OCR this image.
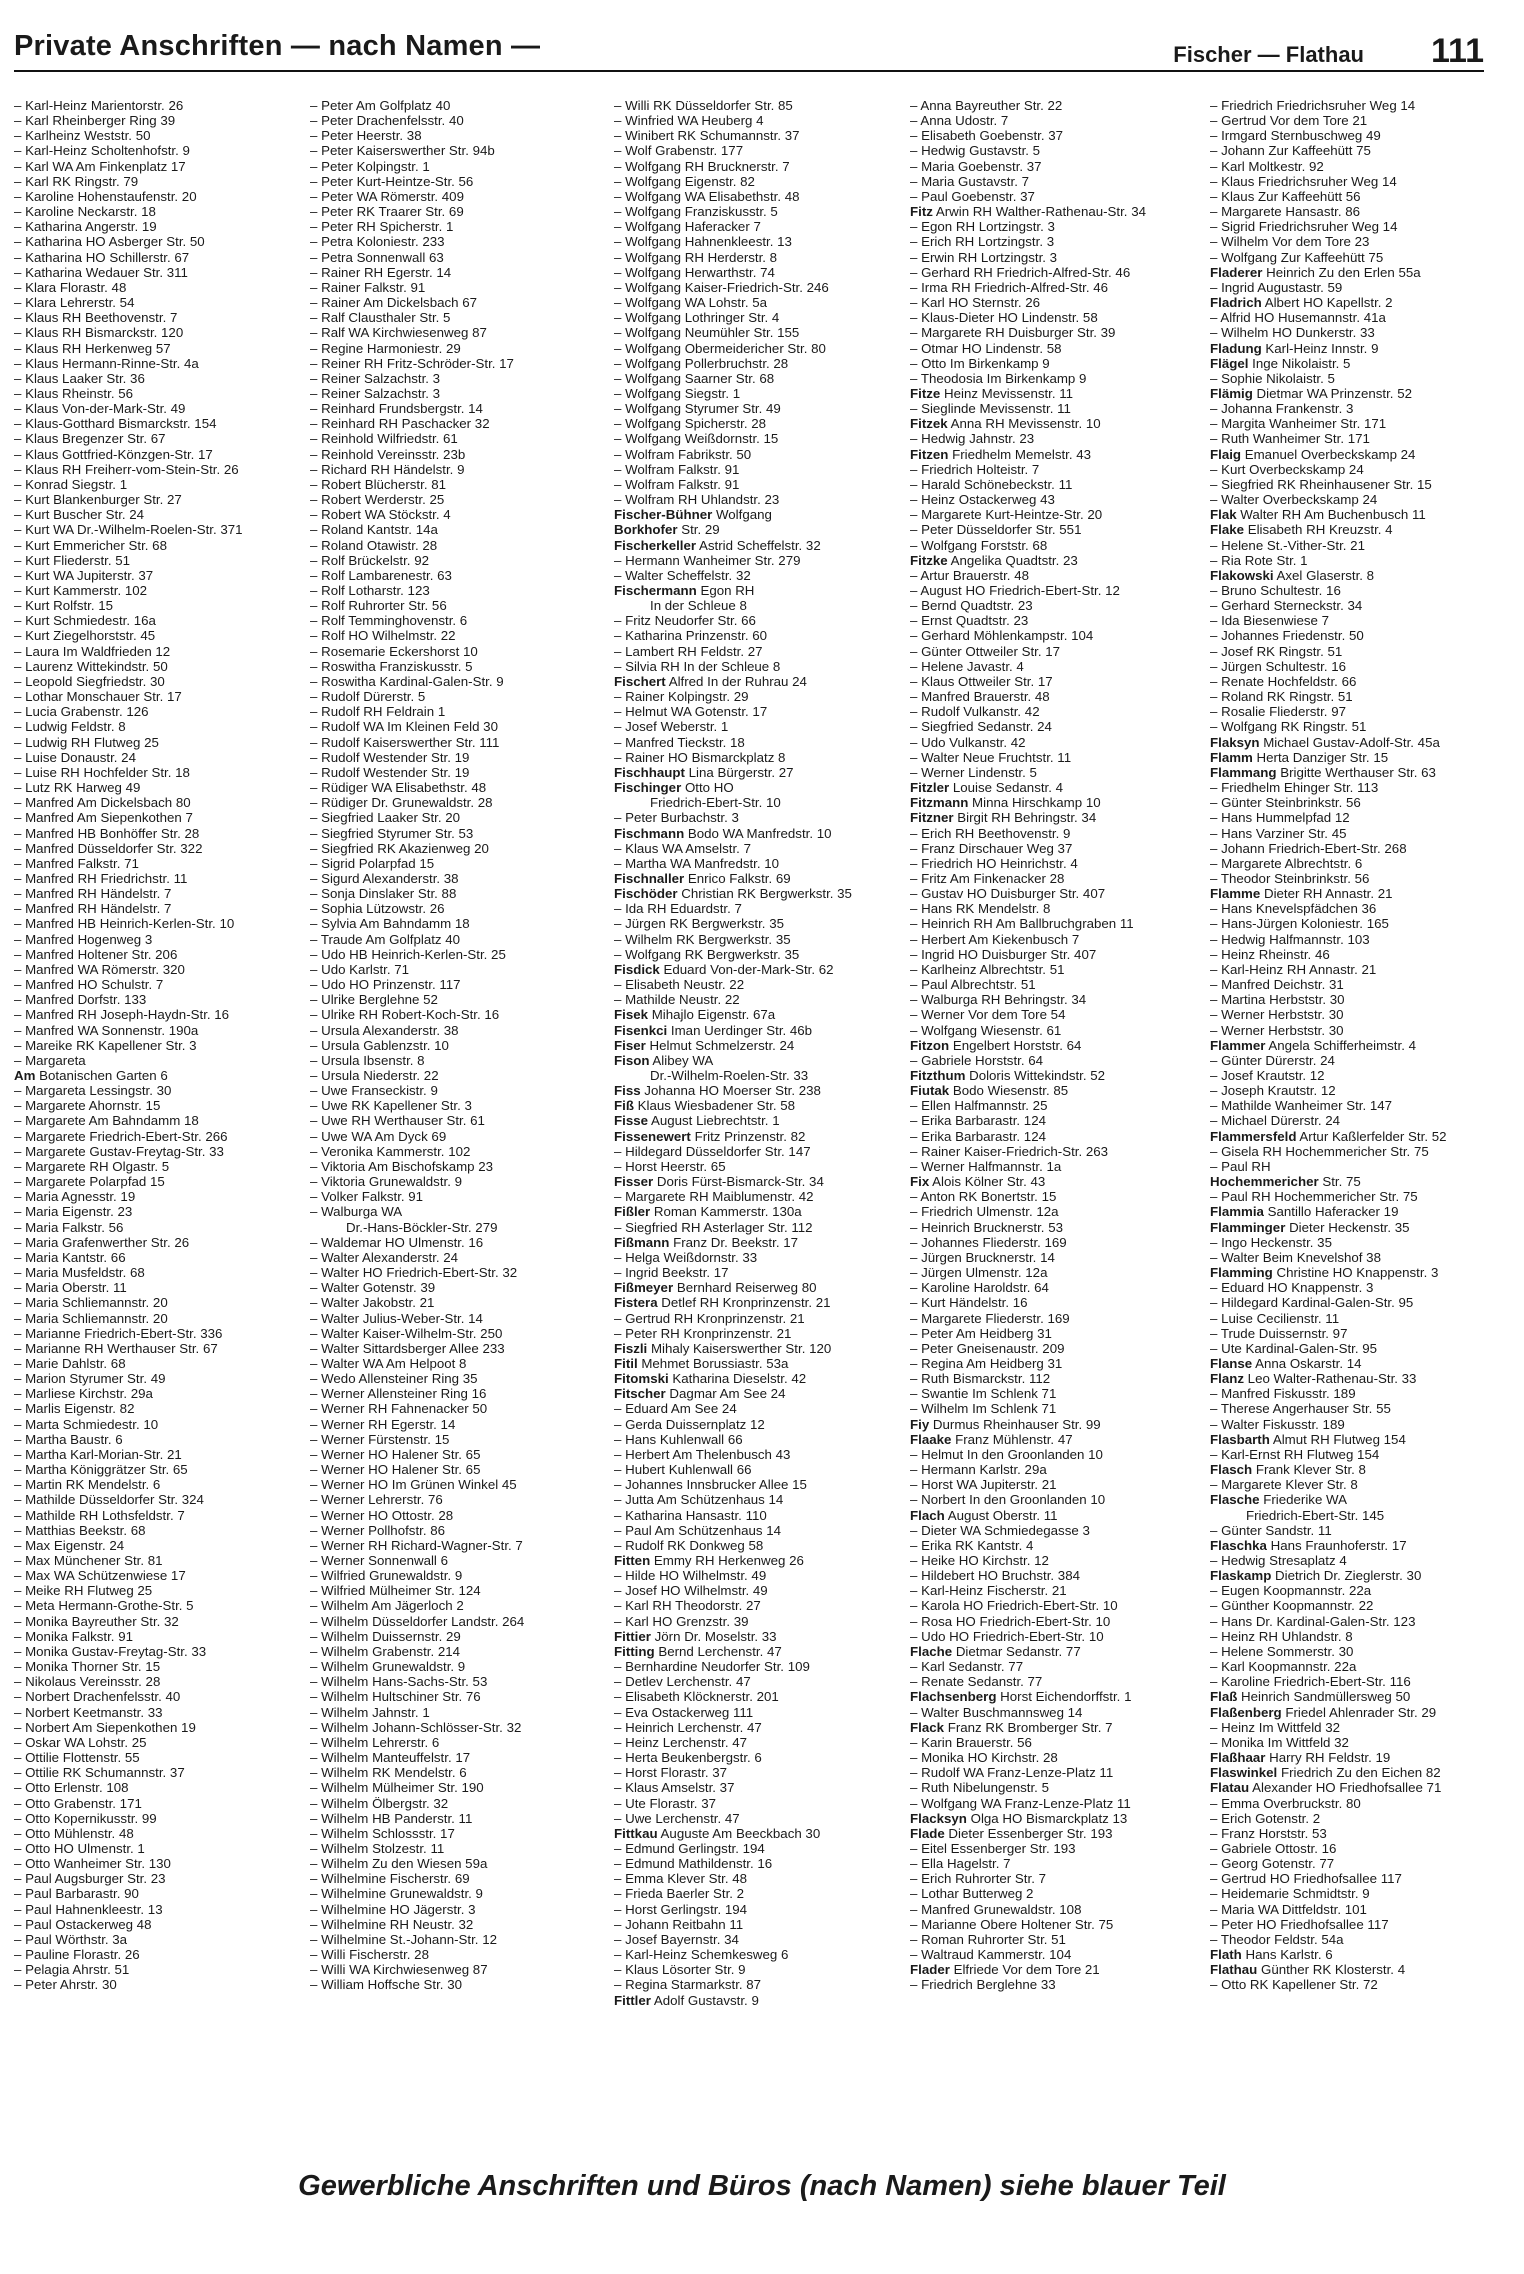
Private Anschriften — nach Namen —	Fischer — Flathau 111
– Karl-Heinz Marientorstr. 26
– Karl Rheinberger Ring 39
– Karlheinz Weststr. 50
– Karl-Heinz Scholtenhofstr. 9
– Karl WA Am Finkenplatz 17
– Karl RK Ringstr. 79
– Karoline Hohenstaufenstr. 20
– Karoline Neckarstr. 18
– Katharina Angerstr. 19
– Katharina HO Asberger Str. 50
– Katharina HO Schillerstr. 67
– Katharina Wedauer Str. 311
– Klara Florastr. 48
– Klara Lehrerstr. 54
– Klaus RH Beethovenstr. 7
– Klaus RH Bismarckstr. 120
– Klaus RH Herkenweg 57
– Klaus Hermann-Rinne-Str. 4a
– Klaus Laaker Str. 36
– Klaus Rheinstr. 56
– Klaus Von-der-Mark-Str. 49
– Klaus-Gotthard Bismarckstr. 154
– Klaus Bregenzer Str. 67
– Klaus Gottfried-Könzgen-Str. 17
– Klaus RH Freiherr-vom-Stein-Str. 26
– Konrad Siegstr. 1
– Kurt Blankenburger Str. 27
– Kurt Buscher Str. 24
– Kurt WA Dr.-Wilhelm-Roelen-Str. 371
– Kurt Emmericher Str. 68
– Kurt Fliederstr. 51
– Kurt WA Jupiterstr. 37
– Kurt Kammerstr. 102
– Kurt Rolfstr. 15
– Kurt Schmiedestr. 16a
– Kurt Ziegelhorststr. 45
– Laura Im Waldfrieden 12
– Laurenz Wittekindstr. 50
– Leopold Siegfriedstr. 30
– Lothar Monschauer Str. 17
– Lucia Grabenstr. 126
– Ludwig Feldstr. 8
– Ludwig RH Flutweg 25
– Luise Donaustr. 24
– Luise RH Hochfelder Str. 18
– Lutz RK Harweg 49
– Manfred Am Dickelsbach 80
– Manfred Am Siepenkothen 7
– Manfred HB Bonhöffer Str. 28
– Manfred Düsseldorfer Str. 322
– Manfred Falkstr. 71
– Manfred RH Friedrichstr. 11
– Manfred RH Händelstr. 7
– Manfred RH Händelstr. 7
– Manfred HB Heinrich-Kerlen-Str. 10
– Manfred Hogenweg 3
– Manfred Holtener Str. 206
– Manfred WA Römerstr. 320
– Manfred HO Schulstr. 7
– Manfred Dorfstr. 133
– Manfred RH Joseph-Haydn-Str. 16
– Manfred WA Sonnenstr. 190a
– Mareike RK Kapellener Str. 3
– Margareta
Am Botanischen Garten 6
– Margareta Lessingstr. 30
– Margarete Ahornstr. 15
– Margarete Am Bahndamm 18
– Margarete Friedrich-Ebert-Str. 266
– Margarete Gustav-Freytag-Str. 33
– Margarete RH Olgastr. 5
– Margarete Polarpfad 15
– Maria Agnesstr. 19
– Maria Eigenstr. 23
– Maria Falkstr. 56
– Maria Grafenwerther Str. 26
– Maria Kantstr. 66
– Maria Musfeldstr. 68
– Maria Oberstr. 11
– Maria Schliemannstr. 20
– Maria Schliemannstr. 20
– Marianne Friedrich-Ebert-Str. 336
– Marianne RH Werthauser Str. 67
– Marie Dahlstr. 68
– Marion Styrumer Str. 49
– Marliese Kirchstr. 29a
– Marlis Eigenstr. 82
– Marta Schmiedestr. 10
– Martha Baustr. 6
– Martha Karl-Morian-Str. 21
– Martha Königgrätzer Str. 65
– Martin RK Mendelstr. 6
– Mathilde Düsseldorfer Str. 324
– Mathilde RH Lothsfeldstr. 7
– Matthias Beekstr. 68
– Max Eigenstr. 24
– Max Münchener Str. 81
– Max WA Schützenwiese 17
– Meike RH Flutweg 25
– Meta Hermann-Grothe-Str. 5
– Monika Bayreuther Str. 32
– Monika Falkstr. 91
– Monika Gustav-Freytag-Str. 33
– Monika Thorner Str. 15
– Nikolaus Vereinsstr. 28
– Norbert Drachenfelsstr. 40
– Norbert Keetmanstr. 33
– Norbert Am Siepenkothen 19
– Oskar WA Lohstr. 25
– Ottilie Flottenstr. 55
– Ottilie RK Schumannstr. 37
– Otto Erlenstr. 108
– Otto Grabenstr. 171
– Otto Kopernikusstr. 99
– Otto Mühlenstr. 48
– Otto HO Ulmenstr. 1
– Otto Wanheimer Str. 130
– Paul Augsburger Str. 23
– Paul Barbarastr. 90
– Paul Hahnenkleestr. 13
– Paul Ostackerweg 48
– Paul Wörthstr. 3a
– Pauline Florastr. 26
– Pelagia Ahrstr. 51
– Peter Ahrstr. 30
– Peter Am Golfplatz 40
– Peter Drachenfelsstr. 40
– Peter Heerstr. 38
– Peter Kaiserswerther Str. 94b
– Peter Kolpingstr. 1
– Peter Kurt-Heintze-Str. 56
– Peter WA Römerstr. 409
– Peter RK Traarer Str. 69
– Peter RH Spicherstr. 1
– Petra Koloniestr. 233
– Petra Sonnenwall 63
– Rainer RH Egerstr. 14
– Rainer Falkstr. 91
– Rainer Am Dickelsbach 67
– Ralf Clausthaler Str. 5
– Ralf WA Kirchwiesenweg 87
– Regine Harmoniestr. 29
– Reiner RH Fritz-Schröder-Str. 17
– Reiner Salzachstr. 3
– Reiner Salzachstr. 3
– Reinhard Frundsbergstr. 14
– Reinhard RH Paschacker 32
– Reinhold Wilfriedstr. 61
– Reinhold Vereinsstr. 23b
– Richard RH Händelstr. 9
– Robert Blücherstr. 81
– Robert Werderstr. 25
– Robert WA Stöckstr. 4
– Roland Kantstr. 14a
– Roland Otawistr. 28
– Rolf Brückelstr. 92
– Rolf Lambarenestr. 63
– Rolf Lotharstr. 123
– Rolf Ruhrorter Str. 56
– Rolf Temminghovenstr. 6
– Rolf HO Wilhelmstr. 22
– Rosemarie Eckershorst 10
– Roswitha Franziskusstr. 5
– Roswitha Kardinal-Galen-Str. 9
– Rudolf Dürerstr. 5
– Rudolf RH Feldrain 1
– Rudolf WA Im Kleinen Feld 30
– Rudolf Kaiserswerther Str. 111
– Rudolf Westender Str. 19
– Rudolf Westender Str. 19
– Rüdiger WA Elisabethstr. 48
– Rüdiger Dr. Grunewaldstr. 28
– Siegfried Laaker Str. 20
– Siegfried Styrumer Str. 53
– Siegfried RK Akazienweg 20
– Sigrid Polarpfad 15
– Sigurd Alexanderstr. 38
– Sonja Dinslaker Str. 88
– Sophia Lützowstr. 26
– Sylvia Am Bahndamm 18
– Traude Am Golfplatz 40
– Udo HB Heinrich-Kerlen-Str. 25
– Udo Karlstr. 71
– Udo HO Prinzenstr. 117
– Ulrike Berglehne 52
– Ulrike RH Robert-Koch-Str. 16
– Ursula Alexanderstr. 38
– Ursula Gablenzstr. 10
– Ursula Ibsenstr. 8
– Ursula Niederstr. 22
– Uwe Franseckistr. 9
– Uwe RK Kapellener Str. 3
– Uwe RH Werthauser Str. 61
– Uwe WA Am Dyck 69
– Veronika Kammerstr. 102
– Viktoria Am Bischofskamp 23
– Viktoria Grunewaldstr. 9
– Volker Falkstr. 91
– Walburga WA
Dr.-Hans-Böckler-Str. 279
– Waldemar HO Ulmenstr. 16
– Walter Alexanderstr. 24
– Walter HO Friedrich-Ebert-Str. 32
– Walter Gotenstr. 39
– Walter Jakobstr. 21
– Walter Julius-Weber-Str. 14
– Walter Kaiser-Wilhelm-Str. 250
– Walter Sittardsberger Allee 233
– Walter WA Am Helpoot 8
– Wedo Allensteiner Ring 35
– Werner Allensteiner Ring 16
– Werner RH Fahnenacker 50
– Werner RH Egerstr. 14
– Werner Fürstenstr. 15
– Werner HO Halener Str. 65
– Werner HO Halener Str. 65
– Werner HO Im Grünen Winkel 45
– Werner Lehrerstr. 76
– Werner HO Ottostr. 28
– Werner Pollhofstr. 86
– Werner RH Richard-Wagner-Str. 7
– Werner Sonnenwall 6
– Wilfried Grunewaldstr. 9
– Wilfried Mülheimer Str. 124
– Wilhelm Am Jägerloch 2
– Wilhelm Düsseldorfer Landstr. 264
– Wilhelm Duissernstr. 29
– Wilhelm Grabenstr. 214
– Wilhelm Grunewaldstr. 9
– Wilhelm Hans-Sachs-Str. 53
– Wilhelm Hultschiner Str. 76
– Wilhelm Jahnstr. 1
– Wilhelm Johann-Schlösser-Str. 32
– Wilhelm Lehrerstr. 6
– Wilhelm Manteuffelstr. 17
– Wilhelm RK Mendelstr. 6
– Wilhelm Mülheimer Str. 190
– Wilhelm Ölbergstr. 32
– Wilhelm HB Panderstr. 11
– Wilhelm Schlossstr. 17
– Wilhelm Stolzestr. 11
– Wilhelm Zu den Wiesen 59a
– Wilhelmine Fischerstr. 69
– Wilhelmine Grunewaldstr. 9
– Wilhelmine HO Jägerstr. 3
– Wilhelmine RH Neustr. 32
– Wilhelmine St.-Johann-Str. 12
– Willi Fischerstr. 28
– Willi WA Kirchwiesenweg 87
– William Hoffsche Str. 30
– Willi RK Düsseldorfer Str. 85
– Winfried WA Heuberg 4
– Winibert RK Schumannstr. 37
– Wolf Grabenstr. 177
– Wolfgang RH Brucknerstr. 7
– Wolfgang Eigenstr. 82
– Wolfgang WA Elisabethstr. 48
– Wolfgang Franziskusstr. 5
– Wolfgang Haferacker 7
– Wolfgang Hahnenkleestr. 13
– Wolfgang RH Herderstr. 8
– Wolfgang Herwarthstr. 74
– Wolfgang Kaiser-Friedrich-Str. 246
– Wolfgang WA Lohstr. 5a
– Wolfgang Lothringer Str. 4
– Wolfgang Neumühler Str. 155
– Wolfgang Obermeidericher Str. 80
– Wolfgang Pollerbruchstr. 28
– Wolfgang Saarner Str. 68
– Wolfgang Siegstr. 1
– Wolfgang Styrumer Str. 49
– Wolfgang Spicherstr. 28
– Wolfgang Weißdornstr. 15
– Wolfram Fabrikstr. 50
– Wolfram Falkstr. 91
– Wolfram Falkstr. 91
– Wolfram RH Uhlandstr. 23
Fischer-Bühner Wolfgang
Borkhofer Str. 29
Fischerkeller Astrid Scheffelstr. 32
– Hermann Wanheimer Str. 279
– Walter Scheffelstr. 32
Fischermann Egon RH
In der Schleue 8
– Fritz Neudorfer Str. 66
– Katharina Prinzenstr. 60
– Lambert RH Feldstr. 27
– Silvia RH In der Schleue 8
Fischert Alfred In der Ruhrau 24
– Rainer Kolpingstr. 29
– Helmut WA Gotenstr. 17
– Josef Weberstr. 1
– Manfred Tieckstr. 18
– Rainer HO Bismarckplatz 8
Fischhaupt Lina Bürgerstr. 27
Fischinger Otto HO
Friedrich-Ebert-Str. 10
– Peter Burbachstr. 3
Fischmann Bodo WA Manfredstr. 10
– Klaus WA Amselstr. 7
– Martha WA Manfredstr. 10
Fischnaller Enrico Falkstr. 69
Fischöder Christian RK Bergwerkstr. 35
– Ida RH Eduardstr. 7
– Jürgen RK Bergwerkstr. 35
– Wilhelm RK Bergwerkstr. 35
– Wolfgang RK Bergwerkstr. 35
Fisdick Eduard Von-der-Mark-Str. 62
– Elisabeth Neustr. 22
– Mathilde Neustr. 22
Fisek Mihajlo Eigenstr. 67a
Fisenkci Iman Uerdinger Str. 46b
Fiser Helmut Schmelzerstr. 24
Fison Alibey WA
Dr.-Wilhelm-Roelen-Str. 33
Fiss Johanna HO Moerser Str. 238
Fiß Klaus Wiesbadener Str. 58
Fisse August Liebrechtstr. 1
Fissenewert Fritz Prinzenstr. 82
– Hildegard Düsseldorfer Str. 147
– Horst Heerstr. 65
Fisser Doris Fürst-Bismarck-Str. 34
– Margarete RH Maiblumenstr. 42
Fißler Roman Kammerstr. 130a
– Siegfried RH Asterlager Str. 112
Fißmann Franz Dr. Beekstr. 17
– Helga Weißdornstr. 33
– Ingrid Beekstr. 17
Fißmeyer Bernhard Reiserweg 80
Fistera Detlef RH Kronprinzenstr. 21
– Gertrud RH Kronprinzenstr. 21
– Peter RH Kronprinzenstr. 21
Fiszli Mihaly Kaiserswerther Str. 120
Fitil Mehmet Borussiastr. 53a
Fitomski Katharina Dieselstr. 42
Fitscher Dagmar Am See 24
– Eduard Am See 24
– Gerda Duissernplatz 12
– Hans Kuhlenwall 66
– Herbert Am Thelenbusch 43
– Hubert Kuhlenwall 66
– Johannes Innsbrucker Allee 15
– Jutta Am Schützenhaus 14
– Katharina Hansastr. 110
– Paul Am Schützenhaus 14
– Rudolf RK Donkweg 58
Fitten Emmy RH Herkenweg 26
– Hilde HO Wilhelmstr. 49
– Josef HO Wilhelmstr. 49
– Karl RH Theodorstr. 27
– Karl HO Grenzstr. 39
Fittier Jörn Dr. Moselstr. 33
Fitting Bernd Lerchenstr. 47
– Bernhardine Neudorfer Str. 109
– Detlev Lerchenstr. 47
– Elisabeth Klöcknerstr. 201
– Eva Ostackerweg 111
– Heinrich Lerchenstr. 47
– Heinz Lerchenstr. 47
– Herta Beukenbergstr. 6
– Horst Florastr. 37
– Klaus Amselstr. 37
– Ute Florastr. 37
– Uwe Lerchenstr. 47
Fittkau Auguste Am Beeckbach 30
– Edmund Gerlingstr. 194
– Edmund Mathildenstr. 16
– Emma Klever Str. 48
– Frieda Baerler Str. 2
– Horst Gerlingstr. 194
– Johann Reitbahn 11
– Josef Bayernstr. 34
– Karl-Heinz Schemkesweg 6
– Klaus Lösorter Str. 9
– Regina Starmarkstr. 87
Fittler Adolf Gustavstr. 9
– Anna Bayreuther Str. 22
– Anna Udostr. 7
– Elisabeth Goebenstr. 37
– Hedwig Gustavstr. 5
– Maria Goebenstr. 37
– Maria Gustavstr. 7
– Paul Goebenstr. 37
Fitz Arwin RH Walther-Rathenau-Str. 34
– Egon RH Lortzingstr. 3
– Erich RH Lortzingstr. 3
– Erwin RH Lortzingstr. 3
– Gerhard RH Friedrich-Alfred-Str. 46
– Irma RH Friedrich-Alfred-Str. 46
– Karl HO Sternstr. 26
– Klaus-Dieter HO Lindenstr. 58
– Margarete RH Duisburger Str. 39
– Otmar HO Lindenstr. 58
– Otto Im Birkenkamp 9
– Theodosia Im Birkenkamp 9
Fitze Heinz Mevissenstr. 11
– Sieglinde Mevissenstr. 11
Fitzek Anna RH Mevissenstr. 10
– Hedwig Jahnstr. 23
Fitzen Friedhelm Memelstr. 43
– Friedrich Holteistr. 7
– Harald Schönebeckstr. 11
– Heinz Ostackerweg 43
– Margarete Kurt-Heintze-Str. 20
– Peter Düsseldorfer Str. 551
– Wolfgang Forststr. 68
Fitzke Angelika Quadtstr. 23
– Artur Brauerstr. 48
– August HO Friedrich-Ebert-Str. 12
– Bernd Quadtstr. 23
– Ernst Quadtstr. 23
– Gerhard Möhlenkampstr. 104
– Günter Ottweiler Str. 17
– Helene Javastr. 4
– Klaus Ottweiler Str. 17
– Manfred Brauerstr. 48
– Rudolf Vulkanstr. 42
– Siegfried Sedanstr. 24
– Udo Vulkanstr. 42
– Walter Neue Fruchtstr. 11
– Werner Lindenstr. 5
Fitzler Louise Sedanstr. 4
Fitzmann Minna Hirschkamp 10
Fitzner Birgit RH Behringstr. 34
– Erich RH Beethovenstr. 9
– Franz Dirschauer Weg 37
– Friedrich HO Heinrichstr. 4
– Fritz Am Finkenacker 28
– Gustav HO Duisburger Str. 407
– Hans RK Mendelstr. 8
– Heinrich RH Am Ballbruchgraben 11
– Herbert Am Kiekenbusch 7
– Ingrid HO Duisburger Str. 407
– Karlheinz Albrechtstr. 51
– Paul Albrechtstr. 51
– Walburga RH Behringstr. 34
– Werner Vor dem Tore 54
– Wolfgang Wiesenstr. 61
Fitzon Engelbert Horststr. 64
– Gabriele Horststr. 64
Fitzthum Doloris Wittekindstr. 52
Fiutak Bodo Wiesenstr. 85
– Ellen Halfmannstr. 25
– Erika Barbarastr. 124
– Erika Barbarastr. 124
– Rainer Kaiser-Friedrich-Str. 263
– Werner Halfmannstr. 1a
Fix Alois Kölner Str. 43
– Anton RK Bonertstr. 15
– Friedrich Ulmenstr. 12a
– Heinrich Brucknerstr. 53
– Johannes Fliederstr. 169
– Jürgen Brucknerstr. 14
– Jürgen Ulmenstr. 12a
– Karoline Haroldstr. 64
– Kurt Händelstr. 16
– Margarete Fliederstr. 169
– Peter Am Heidberg 31
– Peter Gneisenaustr. 209
– Regina Am Heidberg 31
– Ruth Bismarckstr. 112
– Swantie Im Schlenk 71
– Wilhelm Im Schlenk 71
Fiy Durmus Rheinhauser Str. 99
Flaake Franz Mühlenstr. 47
– Helmut In den Groonlanden 10
– Hermann Karlstr. 29a
– Horst WA Jupiterstr. 21
– Norbert In den Groonlanden 10
Flach August Oberstr. 11
– Dieter WA Schmiedegasse 3
– Erika RK Kantstr. 4
– Heike HO Kirchstr. 12
– Hildebert HO Bruchstr. 384
– Karl-Heinz Fischerstr. 21
– Karola HO Friedrich-Ebert-Str. 10
– Rosa HO Friedrich-Ebert-Str. 10
– Udo HO Friedrich-Ebert-Str. 10
Flache Dietmar Sedanstr. 77
– Karl Sedanstr. 77
– Renate Sedanstr. 77
Flachsenberg Horst Eichendorffstr. 1
– Walter Buschmannsweg 14
Flack Franz RK Bromberger Str. 7
– Karin Brauerstr. 56
– Monika HO Kirchstr. 28
– Rudolf WA Franz-Lenze-Platz 11
– Ruth Nibelungenstr. 5
– Wolfgang WA Franz-Lenze-Platz 11
Flacksyn Olga HO Bismarckplatz 13
Flade Dieter Essenberger Str. 193
– Eitel Essenberger Str. 193
– Ella Hagelstr. 7
– Erich Ruhrorter Str. 7
– Lothar Butterweg 2
– Manfred Grunewaldstr. 108
– Marianne Obere Holtener Str. 75
– Roman Ruhrorter Str. 51
– Waltraud Kammerstr. 104
Flader Elfriede Vor dem Tore 21
– Friedrich Berglehne 33
– Friedrich Friedrichsruher Weg 14
– Gertrud Vor dem Tore 21
– Irmgard Sternbuschweg 49
– Johann Zur Kaffeehütt 75
– Karl Moltkestr. 92
– Klaus Friedrichsruher Weg 14
– Klaus Zur Kaffeehütt 56
– Margarete Hansastr. 86
– Sigrid Friedrichsruher Weg 14
– Wilhelm Vor dem Tore 23
– Wolfgang Zur Kaffeehütt 75
Fladerer Heinrich Zu den Erlen 55a
– Ingrid Augustastr. 59
Fladrich Albert HO Kapellstr. 2
– Alfrid HO Husemannstr. 41a
– Wilhelm HO Dunkerstr. 33
Fladung Karl-Heinz Innstr. 9
Flägel Inge Nikolaistr. 5
– Sophie Nikolaistr. 5
Flämig Dietmar WA Prinzenstr. 52
– Johanna Frankenstr. 3
– Margita Wanheimer Str. 171
– Ruth Wanheimer Str. 171
Flaig Emanuel Overbeckskamp 24
– Kurt Overbeckskamp 24
– Siegfried RK Rheinhausener Str. 15
– Walter Overbeckskamp 24
Flak Walter RH Am Buchenbusch 11
Flake Elisabeth RH Kreuzstr. 4
– Helene St.-Vither-Str. 21
– Ria Rote Str. 1
Flakowski Axel Glaserstr. 8
– Bruno Schultestr. 16
– Gerhard Sterneckstr. 34
– Ida Biesenwiese 7
– Johannes Friedenstr. 50
– Josef RK Ringstr. 51
– Jürgen Schultestr. 16
– Renate Hochfeldstr. 66
– Roland RK Ringstr. 51
– Rosalie Fliederstr. 97
– Wolfgang RK Ringstr. 51
Flaksyn Michael Gustav-Adolf-Str. 45a
Flamm Herta Danziger Str. 15
Flammang Brigitte Werthauser Str. 63
– Friedhelm Ehinger Str. 113
– Günter Steinbrinkstr. 56
– Hans Hummelpfad 12
– Hans Varziner Str. 45
– Johann Friedrich-Ebert-Str. 268
– Margarete Albrechtstr. 6
– Theodor Steinbrinkstr. 56
Flamme Dieter RH Annastr. 21
– Hans Knevelspfädchen 36
– Hans-Jürgen Koloniestr. 165
– Hedwig Halfmannstr. 103
– Heinz Rheinstr. 46
– Karl-Heinz RH Annastr. 21
– Manfred Deichstr. 31
– Martina Herbststr. 30
– Werner Herbststr. 30
– Werner Herbststr. 30
Flammer Angela Schifferheimstr. 4
– Günter Dürerstr. 24
– Josef Krautstr. 12
– Joseph Krautstr. 12
– Mathilde Wanheimer Str. 147
– Michael Dürerstr. 24
Flammersfeld Artur Kaßlerfelder Str. 52
– Gisela RH Hochemmericher Str. 75
– Paul RH
Hochemmericher Str. 75
– Paul RH Hochemmericher Str. 75
Flammia Santillo Haferacker 19
Flamminger Dieter Heckenstr. 35
– Ingo Heckenstr. 35
– Walter Beim Knevelshof 38
Flamming Christine HO Knappenstr. 3
– Eduard HO Knappenstr. 3
– Hildegard Kardinal-Galen-Str. 95
– Luise Cecilienstr. 11
– Trude Duissernstr. 97
– Ute Kardinal-Galen-Str. 95
Flanse Anna Oskarstr. 14
Flanz Leo Walter-Rathenau-Str. 33
– Manfred Fiskusstr. 189
– Therese Angerhauser Str. 55
– Walter Fiskusstr. 189
Flasbarth Almut RH Flutweg 154
– Karl-Ernst RH Flutweg 154
Flasch Frank Klever Str. 8
– Margarete Klever Str. 8
Flasche Friederike WA
Friedrich-Ebert-Str. 145
– Günter Sandstr. 11
Flaschka Hans Fraunhoferstr. 17
– Hedwig Stresaplatz 4
Flaskamp Dietrich Dr. Zieglerstr. 30
– Eugen Koopmannstr. 22a
– Günther Koopmannstr. 22
– Hans Dr. Kardinal-Galen-Str. 123
– Heinz RH Uhlandstr. 8
– Helene Sommerstr. 30
– Karl Koopmannstr. 22a
– Karoline Friedrich-Ebert-Str. 116
Flaß Heinrich Sandmüllersweg 50
Flaßenberg Friedel Ahlenrader Str. 29
– Heinz Im Wittfeld 32
– Monika Im Wittfeld 32
Flaßhaar Harry RH Feldstr. 19
Flaswinkel Friedrich Zu den Eichen 82
Flatau Alexander HO Friedhofsallee 71
– Emma Overbruckstr. 80
– Erich Gotenstr. 2
– Franz Horststr. 53
– Gabriele Ottostr. 16
– Georg Gotenstr. 77
– Gertrud HO Friedhofsallee 117
– Heidemarie Schmidtstr. 9
– Maria WA Dittfeldstr. 101
– Peter HO Friedhofsallee 117
– Theodor Feldstr. 54a
Flath Hans Karlstr. 6
Flathau Günther RK Klosterstr. 4
– Otto RK Kapellener Str. 72
Gewerbliche Anschriften und Büros (nach Namen) siehe blauer Teil
